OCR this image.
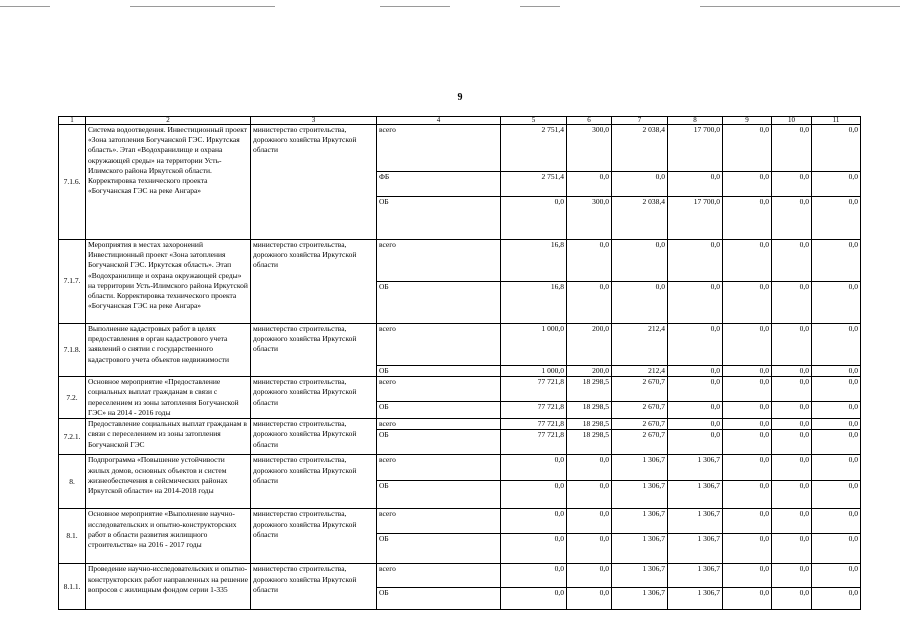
9
1	2	3	4	5	6	7	8	9	10	11
7.1.6.	Система водоотведения. Инвестиционный проект «Зона затопления Богучанской ГЭС. Иркутская область». Этап «Водохранилище и охрана окружающей среды» на территории Усть-Илимского района Иркутской области. Корректировка технического проекта «Богучанская ГЭС на реке Ангара»	министерство строительства, дорожного хозяйства Иркутской области	всего	2 751,4	300,0	2 038,4	17 700,0	0,0	0,0	0,0
			ФБ	2 751,4	0,0	0,0	0,0	0,0	0,0	0,0
			ОБ	0,0	300,0	2 038,4	17 700,0	0,0	0,0	0,0
7.1.7.	Мероприятия в местах захоронений Инвестиционный проект «Зона затопления Богучанской ГЭС. Иркутская область». Этап «Водохранилище и охрана окружающей среды» на территории Усть-Илимского района Иркутской области. Корректировка технического проекта «Богучанская ГЭС на реке Ангара»	министерство строительства, дорожного хозяйства Иркутской области	всего	16,8	0,0	0,0	0,0	0,0	0,0	0,0
			ОБ	16,8	0,0	0,0	0,0	0,0	0,0	0,0
7.1.8.	Выполнение кадастровых работ в целях предоставления в орган кадастрового учета заявлений о снятии с государственного кадастрового учета объектов недвижимости	министерство строительства, дорожного хозяйства Иркутской области	всего	1 000,0	200,0	212,4	0,0	0,0	0,0	0,0
			ОБ	1 000,0	200,0	212,4	0,0	0,0	0,0	0,0
7.2.	Основное мероприятие «Предоставление социальных выплат гражданам в связи с переселением из зоны затопления Богучанской ГЭС» на 2014 - 2016 годы	министерство строительства, дорожного хозяйства Иркутской области	всего	77 721,8	18 298,5	2 670,7	0,0	0,0	0,0	0,0
			ОБ	77 721,8	18 298,5	2 670,7	0,0	0,0	0,0	0,0
7.2.1.	Предоставление социальных выплат гражданам в связи с переселением из зоны затопления Богучанской ГЭС	министерство строительства, дорожного хозяйства Иркутской области	всего	77 721,8	18 298,5	2 670,7	0,0	0,0	0,0	0,0
			ОБ	77 721,8	18 298,5	2 670,7	0,0	0,0	0,0	0,0
8.	Подпрограмма «Повышение устойчивости жилых домов, основных объектов и систем жизнеобеспечения в сейсмических районах Иркутской области» на 2014-2018 годы	министерство строительства, дорожного хозяйства Иркутской области	всего	0,0	0,0	1 306,7	1 306,7	0,0	0,0	0,0
			ОБ	0,0	0,0	1 306,7	1 306,7	0,0	0,0	0,0
8.1.	Основное мероприятие «Выполнение научно-исследовательских и опытно-конструкторских работ в области развития жилищного строительства» на 2016 - 2017 годы	министерство строительства, дорожного хозяйства Иркутской области	всего	0,0	0,0	1 306,7	1 306,7	0,0	0,0	0,0
			ОБ	0,0	0,0	1 306,7	1 306,7	0,0	0,0	0,0
8.1.1.	Проведение научно-исследовательских и опытно-конструкторских работ направленных на решение вопросов с жилищным фондом серии 1-335	министерство строительства, дорожного хозяйства Иркутской области	всего	0,0	0,0	1 306,7	1 306,7	0,0	0,0	0,0
			ОБ	0,0	0,0	1 306,7	1 306,7	0,0	0,0	0,0
